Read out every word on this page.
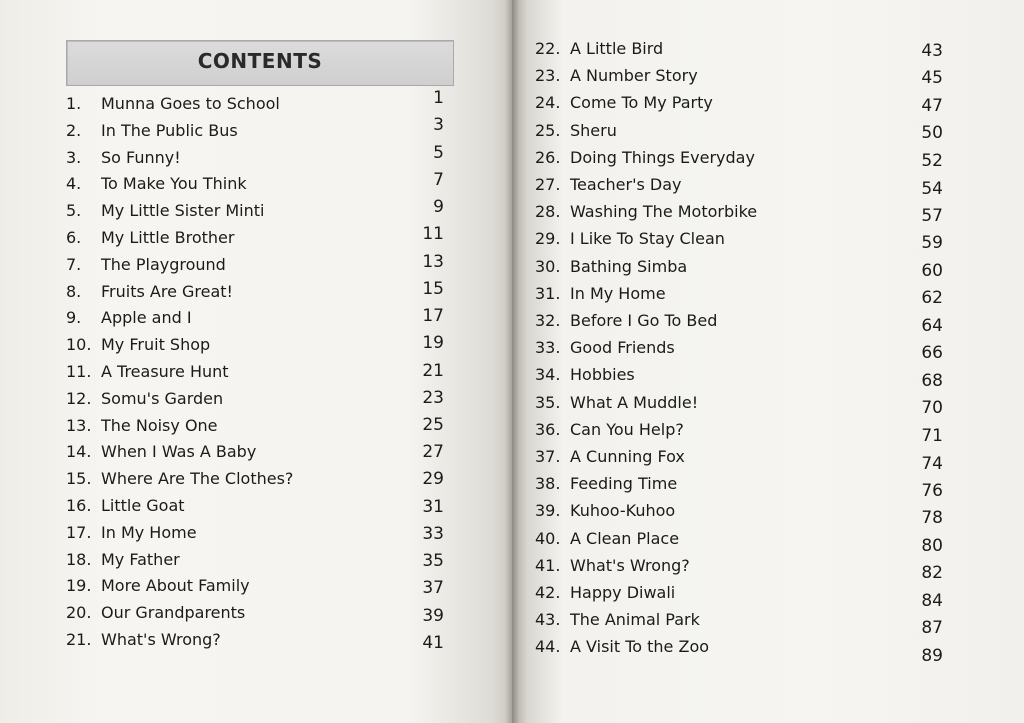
CONTENTS
1. Munna Goes to School	1
2. In The Public Bus	3
3. So Funny!	5
4. To Make You Think	7
5. My Little Sister Minti	9
6. My Little Brother	11
7. The Playground	13
8. Fruits Are Great!	15
9. Apple and I	17
10. My Fruit Shop	19
11. A Treasure Hunt	21
12. Somu's Garden	23
13. The Noisy One	25
14. When I Was A Baby	27
15. Where Are The Clothes?	29
16. Little Goat	31
17. In My Home	33
18. My Father	35
19. More About Family	37
20. Our Grandparents	39
21. What's Wrong?	41
22. A Little Bird	43
23. A Number Story	45
24. Come To My Party	47
25. Sheru	50
26. Doing Things Everyday	52
27. Teacher's Day	54
28. Washing The Motorbike	57
29. I Like To Stay Clean	59
30. Bathing Simba	60
31. In My Home	62
32. Before I Go To Bed	64
33. Good Friends	66
34. Hobbies	68
35. What A Muddle!	70
36. Can You Help?	71
37. A Cunning Fox	74
38. Feeding Time	76
39. Kuhoo-Kuhoo	78
40. A Clean Place	80
41. What's Wrong?	82
42. Happy Diwali	84
43. The Animal Park	87
44. A Visit To the Zoo	89
